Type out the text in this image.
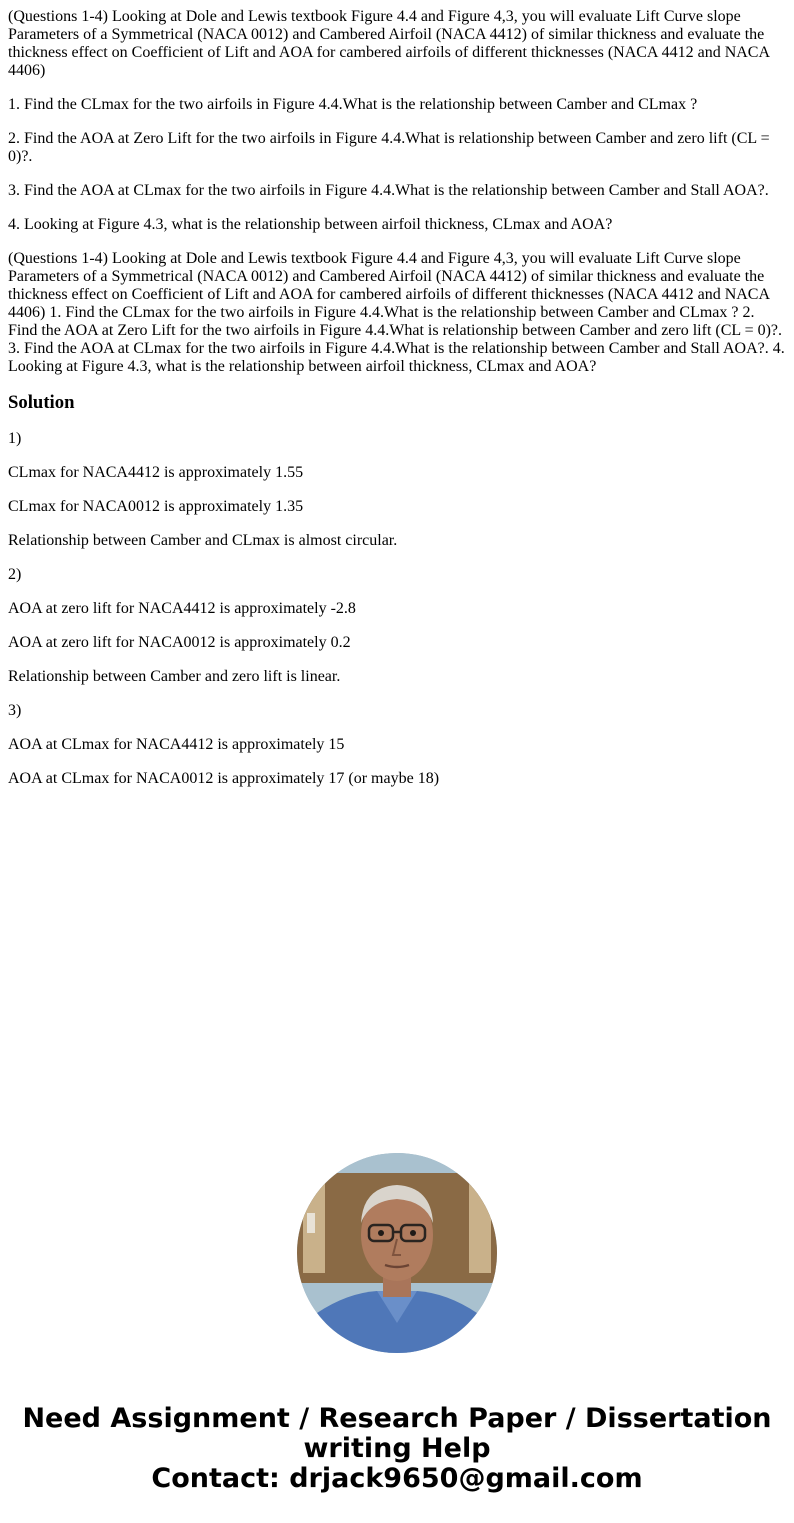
(Questions 1-4) Looking at Dole and Lewis textbook Figure 4.4 and Figure 4,3, you will evaluate Lift Curve slope Parameters of a Symmetrical (NACA 0012) and Cambered Airfoil (NACA 4412) of similar thickness and evaluate the thickness effect on Coefficient of Lift and AOA for cambered airfoils of different thicknesses (NACA 4412 and NACA 4406)

1. Find the CLmax for the two airfoils in Figure 4.4.What is the relationship between Camber and CLmax ?

2. Find the AOA at Zero Lift for the two airfoils in Figure 4.4.What is relationship between Camber and zero lift (CL = 0)?.

3. Find the AOA at CLmax for the two airfoils in Figure 4.4.What is the relationship between Camber and Stall AOA?.

4. Looking at Figure 4.3, what is the relationship between airfoil thickness, CLmax and AOA?

(Questions 1-4) Looking at Dole and Lewis textbook Figure 4.4 and Figure 4,3, you will evaluate Lift Curve slope Parameters of a Symmetrical (NACA 0012) and Cambered Airfoil (NACA 4412) of similar thickness and evaluate the thickness effect on Coefficient of Lift and AOA for cambered airfoils of different thicknesses (NACA 4412 and NACA 4406) 1. Find the CLmax for the two airfoils in Figure 4.4.What is the relationship between Camber and CLmax ? 2. Find the AOA at Zero Lift for the two airfoils in Figure 4.4.What is relationship between Camber and zero lift (CL = 0)?. 3. Find the AOA at CLmax for the two airfoils in Figure 4.4.What is the relationship between Camber and Stall AOA?. 4. Looking at Figure 4.3, what is the relationship between airfoil thickness, CLmax and AOA?

Solution

1)

CLmax for NACA4412 is approximately 1.55

CLmax for NACA0012 is approximately 1.35

Relationship between Camber and CLmax is almost circular.

2)

AOA at zero lift for NACA4412 is approximately -2.8

AOA at zero lift for NACA0012 is approximately 0.2

Relationship between Camber and zero lift is linear.

3)

AOA at CLmax for NACA4412 is approximately 15

AOA at CLmax for NACA0012 is approximately 17 (or maybe 18)

Need Assignment / Research Paper / Dissertation
writing Help
Contact: drjack9650@gmail.com
